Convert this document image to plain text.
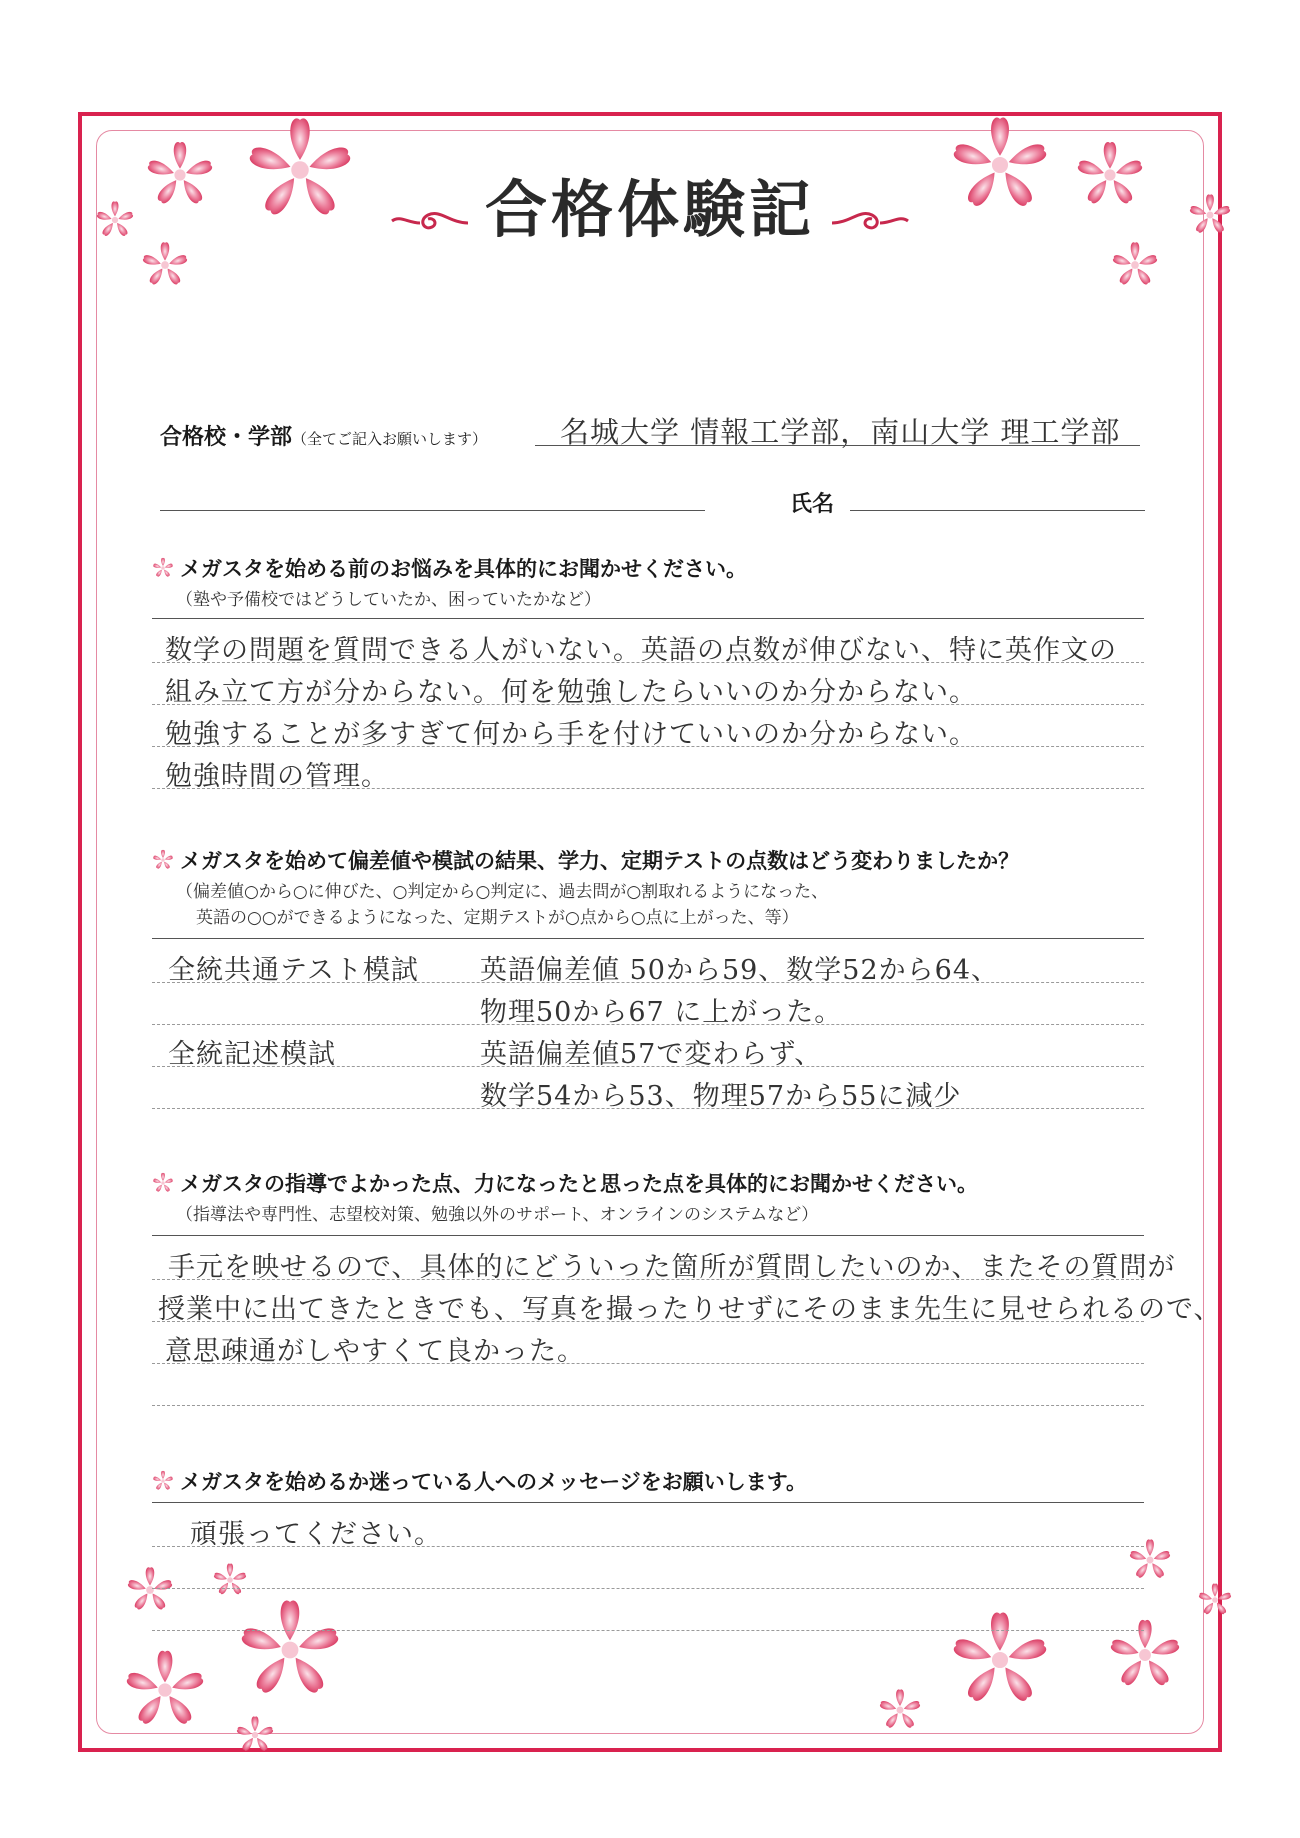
合格体験記
合格校・学部（全てご記入お願いします）	名城大学 情報工学部，南山大学 理工学部
氏名
メガスタを始める前のお悩みを具体的にお聞かせください。
（塾や予備校ではどうしていたか、困っていたかなど）
数学の問題を質問できる人がいない。英語の点数が伸びない、特に英作文の
組み立て方が分からない。何を勉強したらいいのか分からない。
勉強することが多すぎて何から手を付けていいのか分からない。
勉強時間の管理。
メガスタを始めて偏差値や模試の結果、学力、定期テストの点数はどう変わりましたか？
（偏差値○から○に伸びた、○判定から○判定に、過去問が○割取れるようになった、
英語の○○ができるようになった、定期テストが○点から○点に上がった、等）
全統共通テスト模試 英語偏差値 50から59、数学52から64、
物理50から67 に上がった。
全統記述模試	英語偏差値57で変わらず、
数学54から53、物理57から55に減少
メガスタの指導でよかった点、力になったと思った点を具体的にお聞かせください。
（指導法や専門性、志望校対策、勉強以外のサポート、オンラインのシステムなど）
手元を映せるので、具体的にどういった箇所が質問したいのか、またその質問が
授業中に出てきたときでも、写真を撮ったりせずにそのまま先生に見せられるので、
意思疎通がしやすくて良かった。
メガスタを始めるか迷っている人へのメッセージをお願いします。
頑張ってください。
